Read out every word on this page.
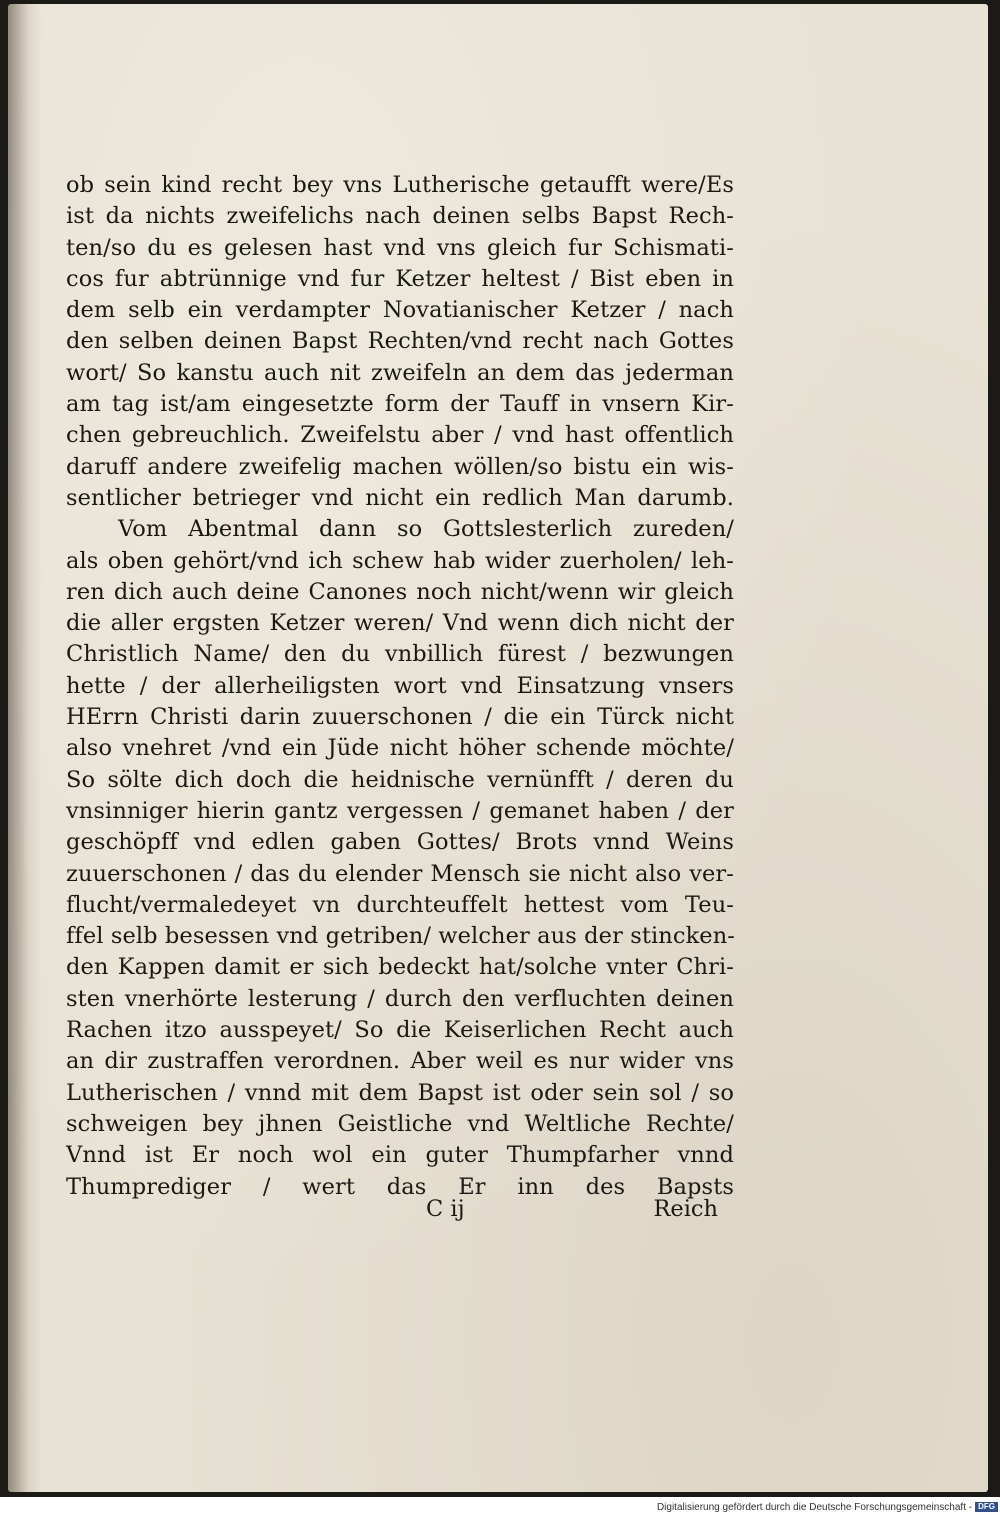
ob sein kind recht bey vns Lutherische getaufft were/Es
ist da nichts zweifelichs nach deinen selbs Bapst Rech-
ten/so du es gelesen hast vnd vns gleich fur Schismati-
cos fur abtrünnige vnd fur Ketzer heltest / Bist eben in
dem selb ein verdampter Novatianischer Ketzer / nach
den selben deinen Bapst Rechten/vnd recht nach Gottes
wort/ So kanstu auch nit zweifeln an dem das jederman
am tag ist/am eingesetzte form der Tauff in vnsern Kir-
chen gebreuchlich. Zweifelstu aber / vnd hast offentlich
daruff andere zweifelig machen wöllen/so bistu ein wis-
sentlicher betrieger vnd nicht ein redlich Man darumb.
Vom Abentmal dann so Gottslesterlich zureden/
als oben gehört/vnd ich schew hab wider zuerholen/ leh-
ren dich auch deine Canones noch nicht/wenn wir gleich
die aller ergsten Ketzer weren/ Vnd wenn dich nicht der
Christlich Name/ den du vnbillich fürest / bezwungen
hette / der allerheiligsten wort vnd Einsatzung vnsers
HErrn Christi darin zuuerschonen / die ein Türck nicht
also vnehret /vnd ein Jüde nicht höher schende möchte/
So sölte dich doch die heidnische vernünfft / deren du
vnsinniger hierin gantz vergessen / gemanet haben / der
geschöpff vnd edlen gaben Gottes/ Brots vnnd Weins
zuuerschonen / das du elender Mensch sie nicht also ver-
flucht/vermaledeyet vn durchteuffelt hettest vom Teu-
ffel selb besessen vnd getriben/ welcher aus der stincken-
den Kappen damit er sich bedeckt hat/solche vnter Chri-
sten vnerhörte lesterung / durch den verfluchten deinen
Rachen itzo ausspeyet/ So die Keiserlichen Recht auch
an dir zustraffen verordnen. Aber weil es nur wider vns
Lutherischen / vnnd mit dem Bapst ist oder sein sol / so
schweigen bey jhnen Geistliche vnd Weltliche Rechte/
Vnnd ist Er noch wol ein guter Thumpfarher vnnd
Thumprediger / wert das Er inn des Bapsts
C ij	Reich
Digitalisierung gefördert durch die Deutsche Forschungsgemeinschaft - DFG
